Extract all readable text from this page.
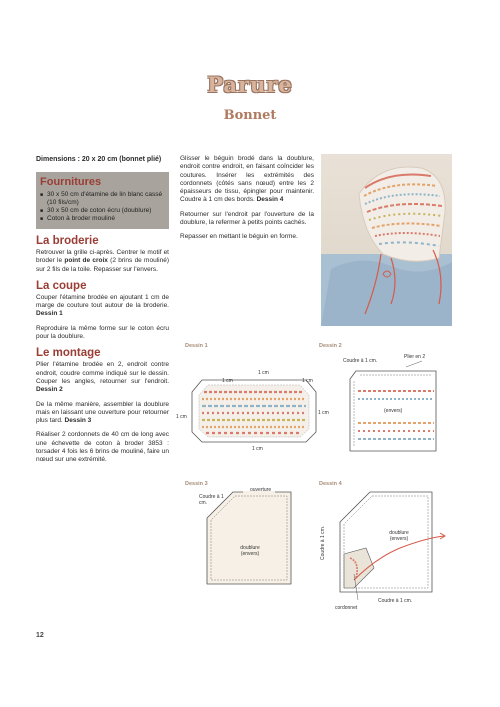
Parure
Bonnet
Dimensions : 20 x 20 cm (bonnet plié)
Fournitures
■ 30 x 50 cm d'étamine de lin blanc cassé (10 fils/cm)
■ 30 x 50 cm de coton écru (doublure)
■ Coton à broder mouliné
La broderie

Retrouver la grille ci-après. Centrer le motif et broder le point de croix (2 brins de mouliné) sur 2 fils de la toile. Repasser sur l'envers.

La coupe

Couper l'étamine brodée en ajoutant 1 cm de marge de couture tout autour de la broderie. Dessin 1

Reproduire la même forme sur le coton écru pour la doublure.

Le montage

Plier l'étamine brodée en 2, endroit contre endroit, coudre comme indiqué sur le dessin. Couper les angles, retourner sur l'endroit. Dessin 2

De la même manière, assembler la doublure mais en laissant une ouverture pour retourner plus tard. Dessin 3

Réaliser 2 cordonnets de 40 cm de long avec une échevette de coton à broder 3853 : torsader 4 fois les 6 brins de mouliné, faire un nœud sur une extrémité.

Glisser le béguin brodé dans la doublure, endroit contre endroit, en faisant coïncider les coutures. Insérer les extrémités des cordonnets (côtés sans nœud) entre les 2 épaisseurs de tissu, épingler pour maintenir. Coudre à 1 cm des bords. Dessin 4

Retourner sur l'endroit par l'ouverture de la doublure, la refermer à petits points cachés.

Repasser en mettant le béguin en forme.

Dessin 1
1 cm
1 cm
1 cm
1 cm
1 cm
1 cm
Dessin 2
Coudre à 1 cm.
Plier en 2
(envers)
Dessin 3
Coudre à 1 cm.
ouverture
doublure (envers)
Dessin 4
Coudre à 1 cm.	doublure (envers)
cordonnet
Coudre à 1 cm.
12
